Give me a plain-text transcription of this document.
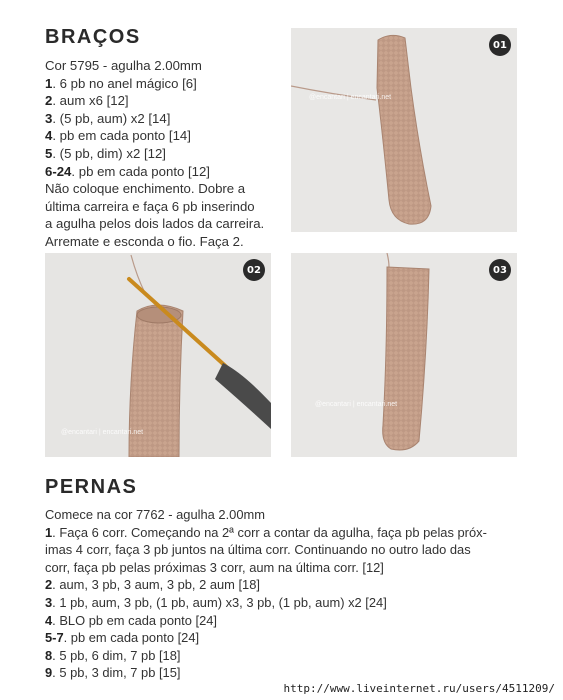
BRAÇOS
Cor 5795 - agulha 2.00mm
1. 6 pb no anel mágico [6]
2. aum x6 [12]
3. (5 pb, aum) x2 [14]
4. pb em cada ponto [14]
5. (5 pb, dim) x2 [12]
6-24. pb em cada ponto [12]
Não coloque enchimento. Dobre a
última carreira e faça 6 pb inserindo
a agulha pelos dois lados da carreira.
Arremate e esconda o fio. Faça 2.
01
@encantari | encantari.net
02
@encantari | encantari.net
03
@encantari | encantari.net
PERNAS
Comece na cor 7762 - agulha 2.00mm
1. Faça 6 corr. Começando na 2ª corr a contar da agulha, faça pb pelas próx-
imas 4 corr, faça 3 pb juntos na última corr. Continuando no outro lado das
corr, faça pb pelas próximas 3 corr, aum na última corr. [12]
2. aum, 3 pb, 3 aum, 3 pb, 2 aum [18]
3. 1 pb, aum, 3 pb, (1 pb, aum) x3, 3 pb, (1 pb, aum) x2 [24]
4. BLO pb em cada ponto [24]
5-7. pb em cada ponto [24]
8. 5 pb, 6 dim, 7 pb [18]
9. 5 pb, 3 dim, 7 pb [15]
http://www.liveinternet.ru/users/4511209/
